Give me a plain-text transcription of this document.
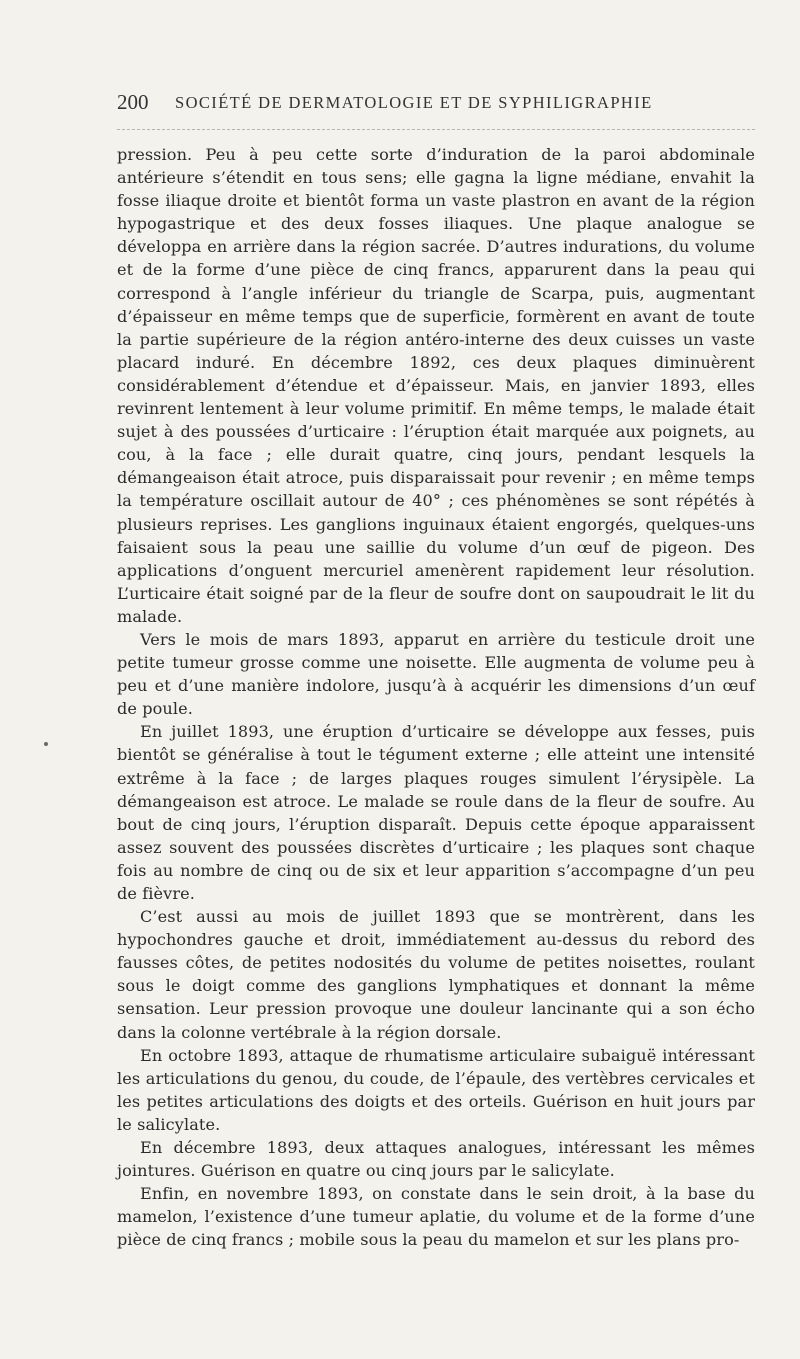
200 SOCIÉTÉ DE DERMATOLOGIE ET DE SYPHILIGRAPHIE

pression. Peu à peu cette sorte d’induration de la paroi abdominale antérieure s’étendit en tous sens; elle gagna la ligne médiane, envahit la fosse iliaque droite et bientôt forma un vaste plastron en avant de la région hypogastrique et des deux fosses iliaques. Une plaque analogue se développa en arrière dans la région sacrée. D’autres indurations, du volume et de la forme d’une pièce de cinq francs, apparurent dans la peau qui correspond à l’angle inférieur du triangle de Scarpa, puis, augmentant d’épaisseur en même temps que de superficie, formèrent en avant de toute la partie supérieure de la région antéro-interne des deux cuisses un vaste placard induré. En décembre 1892, ces deux plaques diminuèrent considérablement d’étendue et d’épaisseur. Mais, en janvier 1893, elles revinrent lentement à leur volume primitif. En même temps, le malade était sujet à des poussées d’urticaire : l’éruption était marquée aux poignets, au cou, à la face ; elle durait quatre, cinq jours, pendant lesquels la démangeaison était atroce, puis disparaissait pour revenir ; en même temps la température oscillait autour de 40° ; ces phénomènes se sont répétés à plusieurs reprises. Les ganglions inguinaux étaient engorgés, quelques-uns faisaient sous la peau une saillie du volume d’un œuf de pigeon. Des applications d’onguent mercuriel amenèrent rapidement leur résolution. L’urticaire était soigné par de la fleur de soufre dont on saupoudrait le lit du malade.

Vers le mois de mars 1893, apparut en arrière du testicule droit une petite tumeur grosse comme une noisette. Elle augmenta de volume peu à peu et d’une manière indolore, jusqu’à à acquérir les dimensions d’un œuf de poule.

En juillet 1893, une éruption d’urticaire se développe aux fesses, puis bientôt se généralise à tout le tégument externe ; elle atteint une intensité extrême à la face ; de larges plaques rouges simulent l’érysipèle. La démangeaison est atroce. Le malade se roule dans de la fleur de soufre. Au bout de cinq jours, l’éruption disparaît. Depuis cette époque apparaissent assez souvent des poussées discrètes d’urticaire ; les plaques sont chaque fois au nombre de cinq ou de six et leur apparition s’accompagne d’un peu de fièvre.

C’est aussi au mois de juillet 1893 que se montrèrent, dans les hypochondres gauche et droit, immédiatement au-dessus du rebord des fausses côtes, de petites nodosités du volume de petites noisettes, roulant sous le doigt comme des ganglions lymphatiques et donnant la même sensation. Leur pression provoque une douleur lancinante qui a son écho dans la colonne vertébrale à la région dorsale.

En octobre 1893, attaque de rhumatisme articulaire subaiguë intéressant les articulations du genou, du coude, de l’épaule, des vertèbres cervicales et les petites articulations des doigts et des orteils. Guérison en huit jours par le salicylate.

En décembre 1893, deux attaques analogues, intéressant les mêmes jointures. Guérison en quatre ou cinq jours par le salicylate.

Enfin, en novembre 1893, on constate dans le sein droit, à la base du mamelon, l’existence d’une tumeur aplatie, du volume et de la forme d’une pièce de cinq francs ; mobile sous la peau du mamelon et sur les plans pro-
